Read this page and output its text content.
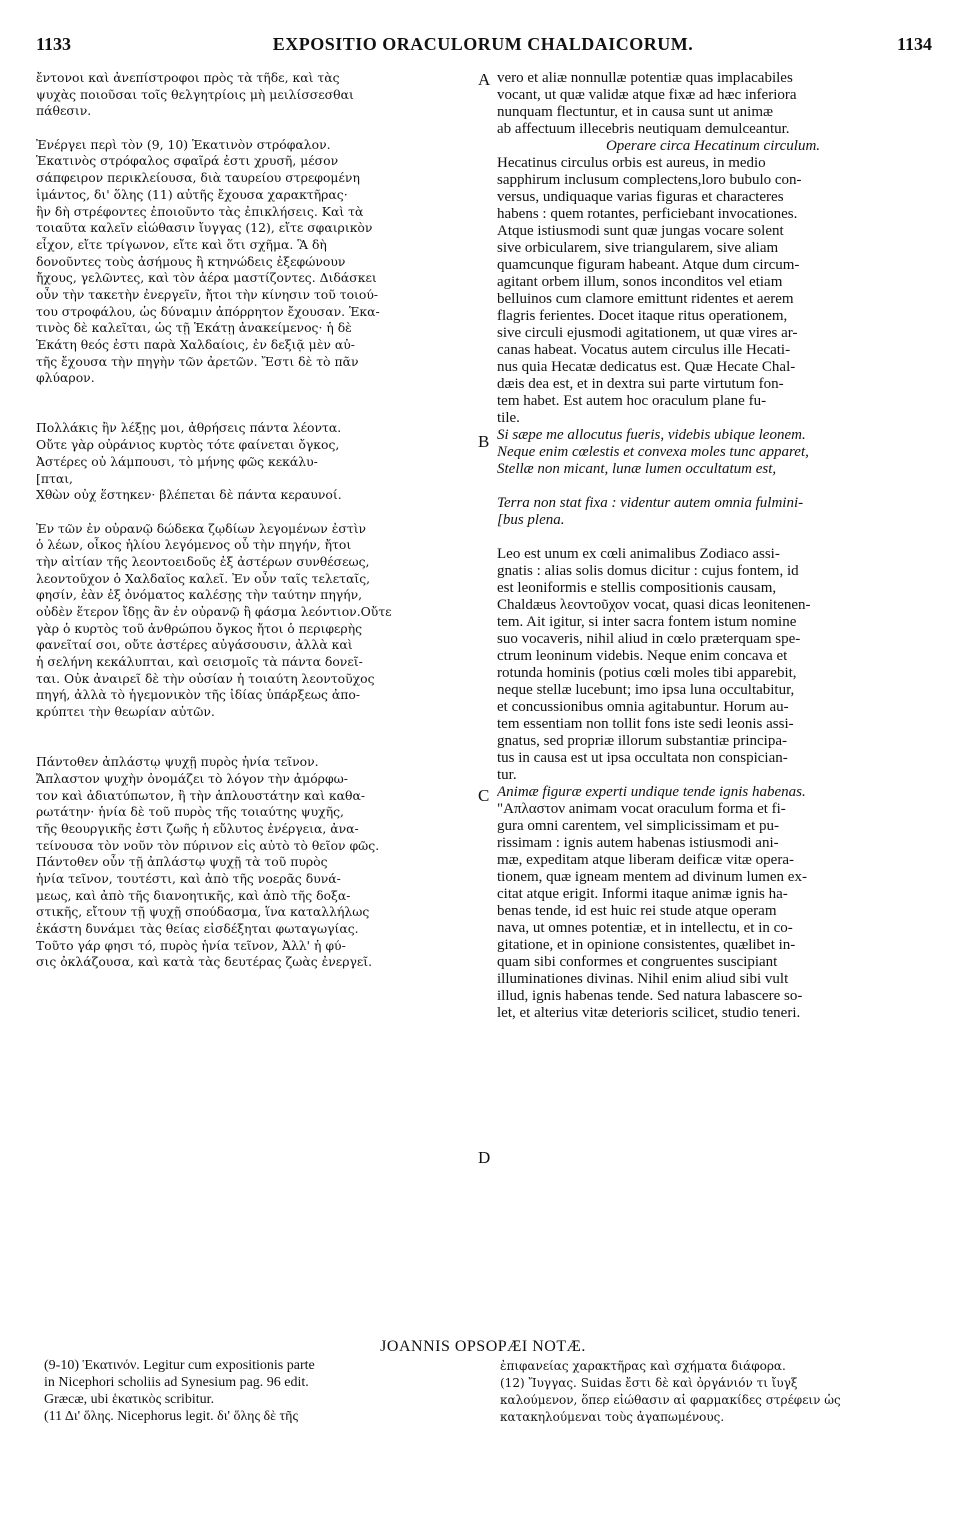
1133	EXPOSITIO ORACULORUM CHALDAICORUM.	1134
ἔντονοι καὶ ἀνεπίστροφοι πρὸς τὰ τῆδε, καὶ τὰς
ψυχὰς ποιοῦσαι τοῖς θελγητρίοις μὴ μειλίσσεσθαι
πάθεσιν.
Ἐνέργει περὶ τὸν (9, 10) Ἑκατινὸν στρόφαλον.
Ἑκατινὸς στρόφαλος σφαῖρά ἐστι χρυσῆ, μέσον
σάπφειρον περικλείουσα, διὰ ταυρείου στρεφομένη
ἱμάντος, δι' ὅλης (11) αὐτῆς ἔχουσα χαρακτῆρας·
ἣν δὴ στρέφοντες ἐποιοῦντο τὰς ἐπικλήσεις. Καὶ τὰ
τοιαῦτα καλεῖν εἰώθασιν ἴυγγας (12), εἴτε σφαιρικὸν
εἶχον, εἴτε τρίγωνον, εἴτε καὶ ὅτι σχῆμα. Ἃ δὴ
δονοῦντες τοὺς ἀσήμους ἢ κτηνώδεις ἐξεφώνουν
ἤχους, γελῶντες, καὶ τὸν ἀέρα μαστίζοντες. Διδάσκει
οὖν τὴν τακετὴν ἐνεργεῖν, ἤτοι τὴν κίνησιν τοῦ τοιού-
του στροφάλου, ὡς δύναμιν ἀπόρρητον ἔχουσαν. Ἑκα-
τινὸς δὲ καλεῖται, ὡς τῇ Ἑκάτῃ ἀνακείμενος· ἡ δὲ
Ἑκάτη θεός ἐστι παρὰ Χαλδαίοις, ἐν δεξιᾷ μὲν αὐ-
τῆς ἔχουσα τὴν πηγὴν τῶν ἀρετῶν. Ἔστι δὲ τὸ πᾶν
φλύαρον.
Πολλάκις ἢν λέξῃς μοι, ἀθρήσεις πάντα λέοντα.
Οὔτε γὰρ οὐράνιος κυρτὸς τότε φαίνεται ὄγκος,
Ἀστέρες οὐ λάμπουσι, τὸ μήνης φῶς κεκάλυ-
[πται,
Χθὼν οὐχ ἕστηκεν· βλέπεται δὲ πάντα κεραυνοί.
Ἐν τῶν ἐν οὐρανῷ δώδεκα ζῳδίων λεγομένων ἐστὶν
ὁ λέων, οἶκος ἡλίου λεγόμενος οὗ τὴν πηγήν, ἤτοι
τὴν αἰτίαν τῆς λεοντοειδοῦς ἐξ ἀστέρων συνθέσεως,
λεοντοῦχον ὁ Χαλδαῖος καλεῖ. Ἐν οὖν ταῖς τελεταῖς,
φησίν, ἐὰν ἐξ ὀνόματος καλέσῃς τὴν ταύτην πηγήν,
οὐδὲν ἕτερον ἴδῃς ἂν ἐν οὐρανῷ ἢ φάσμα λεόντιον.Οὔτε
γὰρ ὁ κυρτὸς τοῦ ἀνθρώπου ὄγκος ἤτοι ὁ περιφερὴς
φανεῖταί σοι, οὔτε ἀστέρες αὐγάσουσιν, ἀλλὰ καὶ
ἡ σελήνη κεκάλυπται, καὶ σεισμοῖς τὰ πάντα δονεῖ-
ται. Οὐκ ἀναιρεῖ δὲ τὴν οὐσίαν ἡ τοιαύτη λεοντοῦχος
πηγή, ἀλλὰ τὸ ἡγεμονικὸν τῆς ἰδίας ὑπάρξεως ἀπο-
κρύπτει τὴν θεωρίαν αὐτῶν.
Πάντοθεν ἀπλάστῳ ψυχῇ πυρὸς ἡνία τεῖνον.
Ἄπλαστον ψυχὴν ὀνομάζει τὸ λόγον τὴν ἀμόρφω-
τον καὶ ἀδιατύπωτον, ἢ τὴν ἁπλουστάτην καὶ καθα-
ρωτάτην· ἡνία δὲ τοῦ πυρὸς τῆς τοιαύτης ψυχῆς,
τῆς θεουργικῆς ἐστι ζωῆς ἡ εὔλυτος ἐνέργεια, ἀνα-
τείνουσα τὸν νοῦν τὸν πύρινον εἰς αὐτὸ τὸ θεῖον φῶς.
Πάντοθεν οὖν τῇ ἀπλάστῳ ψυχῇ τὰ τοῦ πυρὸς
ἡνία τεῖνον, τουτέστι, καὶ ἀπὸ τῆς νοερᾶς δυνά-
μεως, καὶ ἀπὸ τῆς διανοητικῆς, καὶ ἀπὸ τῆς δοξα-
στικῆς, εἴτουν τῇ ψυχῇ σπούδασμα, ἵνα καταλλήλως
ἑκάστη δυνάμει τὰς θείας εἰσδέξηται φωταγωγίας.
Τοῦτο γάρ φησι τό, πυρὸς ἡνία τεῖνον, Ἀλλ' ἡ φύ-
σις ὀκλάζουσα, καὶ κατὰ τὰς δευτέρας ζωὰς ἐνεργεῖ.
vero et aliæ nonnullæ potentiæ quas implacabiles
vocant, ut quæ validæ atque fixæ ad hæc inferiora
nunquam flectuntur, et in causa sunt ut animæ
ab affectuum illecebris neutiquam demulceantur.
Operare circa Hecatinum circulum.
Hecatinus circulus orbis est aureus, in medio
sapphirum inclusum complectens,loro bubulo con-
versus, undiquaque varias figuras et characteres
habens : quem rotantes, perficiebant invocationes.
Atque istiusmodi sunt quæ jungas vocare solent
sive orbicularem, sive triangularem, sive aliam
quamcunque figuram habeant. Atque dum circum-
agitant orbem illum, sonos inconditos vel etiam
belluinos cum clamore emittunt ridentes et aerem
flagris ferientes. Docet itaque ritus operationem,
sive circuli ejusmodi agitationem, ut quæ vires ar-
canas habeat. Vocatus autem circulus ille Hecati-
nus quia Hecatæ dedicatus est. Quæ Hecate Chal-
dæis dea est, et in dextra sui parte virtutum fon-
tem habet. Est autem hoc oraculum plane fu-
tile.
Si sæpe me allocutus fueris, videbis ubique leonem.
Neque enim cœlestis et convexa moles tunc apparet,
Stellæ non micant, lunæ lumen occultatum est,
Terra non stat fixa : videntur autem omnia fulmini-
[bus plena.
Leo est unum ex cœli animalibus Zodiaco assi-
gnatis : alias solis domus dicitur : cujus fontem, id
est leoniformis e stellis compositionis causam,
Chaldæus λεοντοῦχον vocat, quasi dicas leonitenen-
tem. Ait igitur, si inter sacra fontem istum nomine
suo vocaveris, nihil aliud in cœlo præterquam spe-
ctrum leoninum videbis. Neque enim concava et
rotunda hominis (potius cœli moles tibi apparebit,
neque stellæ lucebunt; imo ipsa luna occultabitur,
et concussionibus omnia agitabuntur. Horum au-
tem essentiam non tollit fons iste sedi leonis assi-
gnatus, sed propriæ illorum substantiæ principa-
tus in causa est ut ipsa occultata non conspician-
tur.
Animæ figuræ experti undique tende ignis habenas.
"Απλαστον animam vocat oraculum forma et fi-
gura omni carentem, vel simplicissimam et pu-
rissimam : ignis autem habenas istiusmodi ani-
mæ, expeditam atque liberam deificæ vitæ opera-
tionem, quæ igneam mentem ad divinum lumen ex-
citat atque erigit. Informi itaque animæ ignis ha-
benas tende, id est huic rei stude atque operam
nava, ut omnes potentiæ, et in intellectu, et in co-
gitatione, et in opinione consistentes, quælibet in-
quam sibi conformes et congruentes suscipiant
illuminationes divinas. Nihil enim aliud sibi vult
illud, ignis habenas tende. Sed natura labascere so-
let, et alterius vitæ deterioris scilicet, studio teneri.
A
B
C
D
JOANNIS OPSOPÆI NOTÆ.
(9-10) Ἑκατινόν. Legitur cum expositionis parte
in Nicephori scholiis ad Synesium pag. 96 edit.
Græcæ, ubi ἑκατικὸς scribitur.
(11 Δι' ὅλης. Nicephorus legit. δι' ὅλης δὲ τῆς
ἐπιφανείας χαρακτῆρας καὶ σχήματα διάφορα.
(12) Ἴυγγας. Suidas ἔστι δὲ καὶ ὀργάνιόν τι ἴυγξ
καλούμενον, ὅπερ εἰώθασιν αἱ φαρμακίδες στρέφειν ὡς
κατακηλούμεναι τοὺς ἀγαπωμένους.
